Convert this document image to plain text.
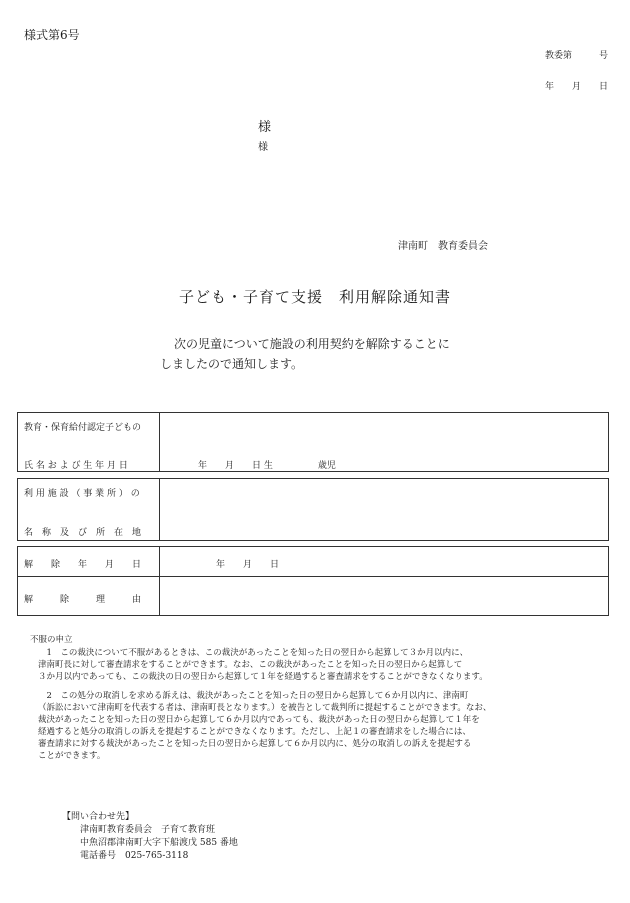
様式第6号
教委第　　　号
年　　月　　日
様
様
津南町　教育委員会
子ども・子育て支援　利用解除通知書
次の児童について施設の利用契約を解除することに
しましたので通知します。
教育・保育給付認定子どもの
氏 名 お よ び 生 年 月 日	年　　月　　日 生　　　　　歳児
利 用 施 設 （ 事 業 所 ） の
名　称　及　び　所　在　地
解　　除　　年　　月　　日	年　　月　　日
解　　　除　　　理　　　由
不服の申立
　1　この裁決について不服があるときは、この裁決があったことを知った日の翌日から起算して３か月以内に、
津南町長に対して審査請求をすることができます。なお、この裁決があったことを知った日の翌日から起算して
３か月以内であっても、この裁決の日の翌日から起算して１年を経過すると審査請求をすることができなくなります。
　2　この処分の取消しを求める訴えは、裁決があったことを知った日の翌日から起算して６か月以内に、津南町
（訴訟において津南町を代表する者は、津南町長となります。）を被告として裁判所に提起することができます。なお、
裁決があったことを知った日の翌日から起算して６か月以内であっても、裁決があった日の翌日から起算して１年を
経過すると処分の取消しの訴えを提起することができなくなります。ただし、上記１の審査請求をした場合には、
審査請求に対する裁決があったことを知った日の翌日から起算して６か月以内に、処分の取消しの訴えを提起する
ことができます。
【問い合わせ先】
津南町教育委員会　子育て教育班
中魚沼郡津南町大字下船渡戊 585 番地
電話番号　025-765-3118
